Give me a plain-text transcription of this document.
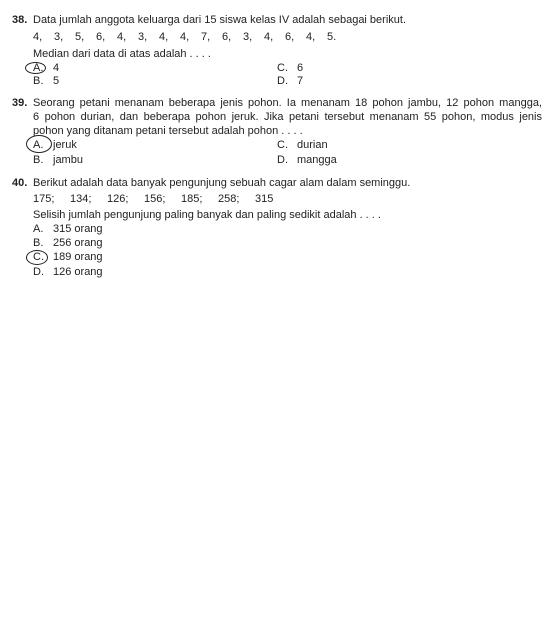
38. Data jumlah anggota keluarga dari 15 siswa kelas IV adalah sebagai berikut.
4, 3, 5, 6, 4, 3, 4, 4, 7, 6, 3, 4, 6, 4, 5.
Median dari data di atas adalah . . . .
A. 4	C. 6
B. 5	D. 7
39. Seorang petani menanam beberapa jenis pohon. Ia menanam 18 pohon jambu, 12 pohon mangga,
6 pohon durian, dan beberapa pohon jeruk. Jika petani tersebut menanam 55 pohon, modus jenis
pohon yang ditanam petani tersebut adalah pohon . . . .
A. jeruk	C. durian
B. jambu	D. mangga
40. Berikut adalah data banyak pengunjung sebuah cagar alam dalam seminggu.
175; 134; 126; 156; 185; 258; 315
Selisih jumlah pengunjung paling banyak dan paling sedikit adalah . . . .
A. 315 orang
B. 256 orang
C. 189 orang
D. 126 orang
